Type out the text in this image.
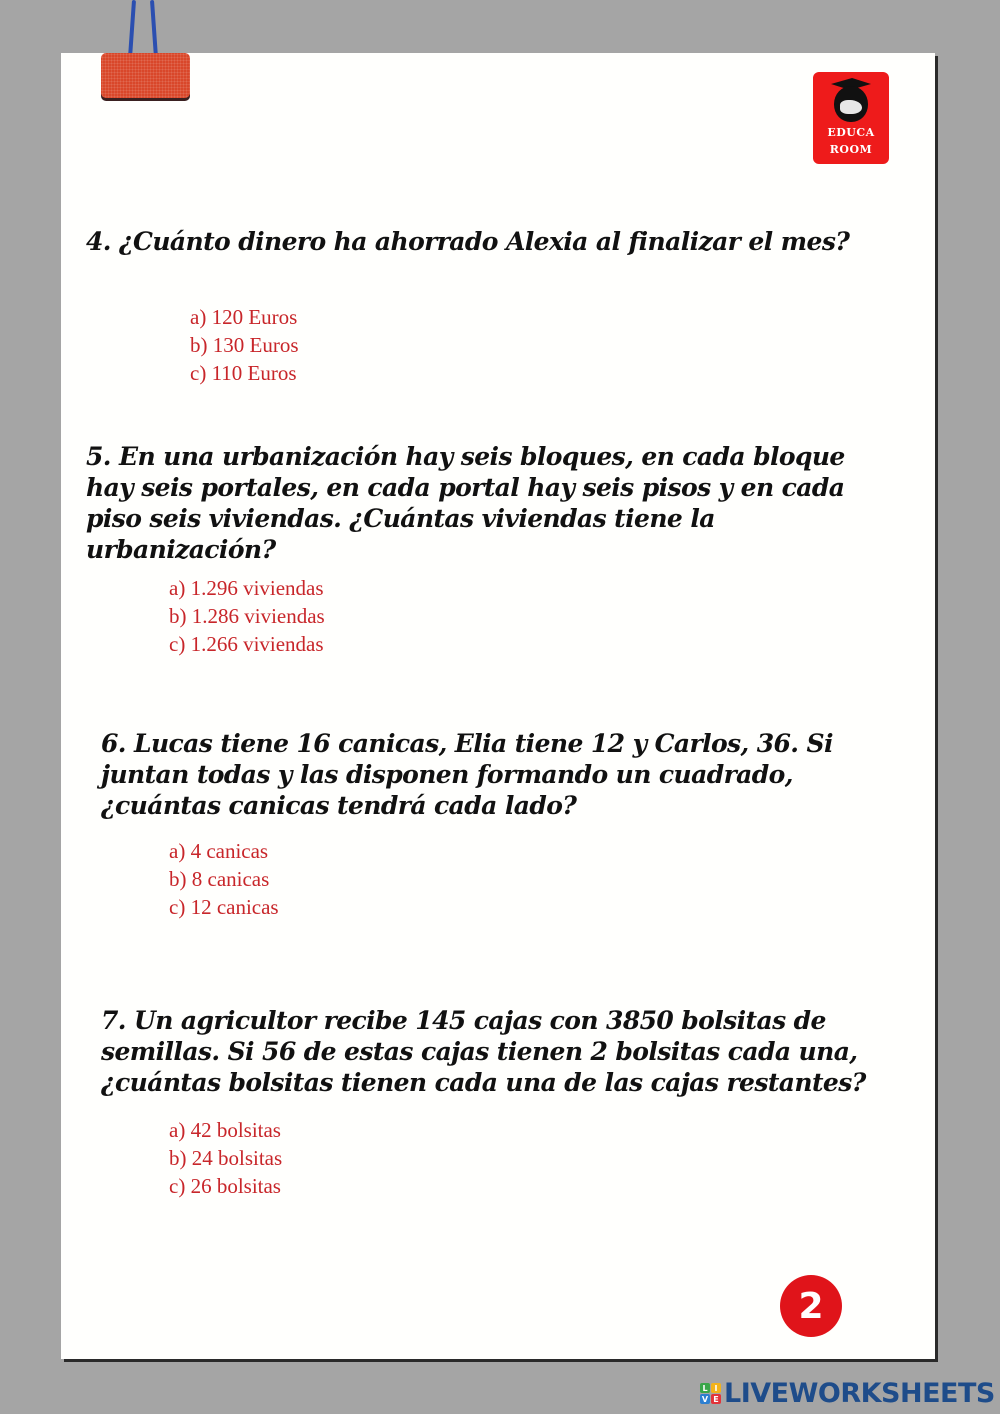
EDUCA
ROOM
4. ¿Cuánto dinero ha ahorrado Alexia al finalizar el mes?
a) 120 Euros
b) 130 Euros
c) 110 Euros
5. En una urbanización hay seis bloques, en cada bloque hay seis portales, en cada portal hay seis pisos y en cada piso seis viviendas. ¿Cuántas viviendas tiene la urbanización?
a) 1.296 viviendas
b) 1.286 viviendas
c) 1.266 viviendas
6. Lucas tiene 16 canicas, Elia tiene 12 y Carlos, 36. Si juntan todas y las disponen formando un cuadrado, ¿cuántas canicas tendrá cada lado?
a) 4 canicas
b) 8 canicas
c) 12 canicas
7. Un agricultor recibe 145 cajas con 3850 bolsitas de semillas. Si 56 de estas cajas tienen 2 bolsitas cada una, ¿cuántas bolsitas tienen cada una de las cajas restantes?
a) 42 bolsitas
b) 24 bolsitas
c) 26 bolsitas
2
L I
V E LIVEWORKSHEETS
